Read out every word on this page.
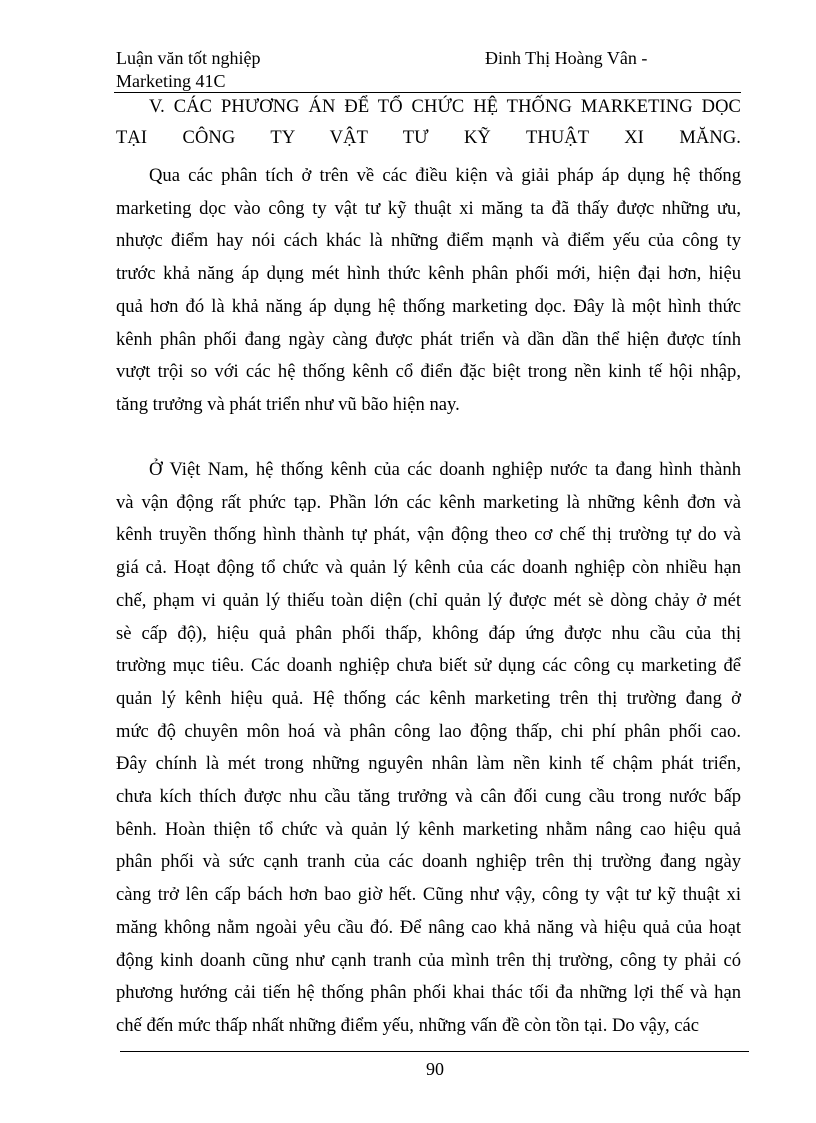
Luận văn tốt nghiệp
Marketing 41C
Đinh Thị Hoàng Vân -
V. CÁC PHƯƠNG ÁN ĐỂ TỔ CHỨC HỆ THỐNG MARKETING DỌC
TẠI CÔNG TY VẬT TƯ KỸ THUẬT XI MĂNG.
Qua các phân tích ở trên về các điều kiện và giải pháp áp dụng hệ thống
marketing dọc vào công ty vật tư kỹ thuật xi măng ta đã thấy được những ưu,
nhược điểm hay nói cách khác là những điểm mạnh và điểm yếu của công ty
trước khả năng áp dụng mét hình thức kênh phân phối mới, hiện đại hơn, hiệu
quả hơn đó là khả năng áp dụng hệ thống marketing dọc. Đây là một hình thức
kênh phân phối đang ngày càng được phát triển và dần dần thể hiện được tính
vượt trội so với các hệ thống kênh cổ điển đặc biệt trong nền kinh tế hội nhập,
tăng trưởng và phát triển như vũ bão hiện nay.
Ở Việt Nam, hệ thống kênh của các doanh nghiệp nước ta đang hình thành
và vận động rất phức tạp. Phần lớn các kênh marketing là những kênh đơn và
kênh truyền thống hình thành tự phát, vận động theo cơ chế thị trường tự do và
giá cả. Hoạt động tổ chức và quản lý kênh của các doanh nghiệp còn nhiều hạn
chế, phạm vi quản lý thiếu toàn diện (chỉ quản lý được mét sè dòng chảy ở mét
sè cấp độ), hiệu quả phân phối thấp, không đáp ứng được nhu cầu của thị
trường mục tiêu. Các doanh nghiệp chưa biết sử dụng các công cụ marketing để
quản lý kênh hiệu quả. Hệ thống các kênh marketing trên thị trường đang ở
mức độ chuyên môn hoá và phân công lao động thấp, chi phí phân phối cao.
Đây chính là mét trong những nguyên nhân làm nền kinh tế chậm phát triển,
chưa kích thích được nhu cầu tăng trưởng và cân đối cung cầu trong nước bấp
bênh. Hoàn thiện tổ chức và quản lý kênh marketing nhằm nâng cao hiệu quả
phân phối và sức cạnh tranh của các doanh nghiệp trên thị trường đang ngày
càng trở lên cấp bách hơn bao giờ hết. Cũng như vậy, công ty vật tư kỹ thuật xi
măng không nằm ngoài yêu cầu đó. Để nâng cao khả năng và hiệu quả của hoạt
động kinh doanh cũng như cạnh tranh của mình trên thị trường, công ty phải có
phương hướng cải tiến hệ thống phân phối khai thác tối đa những lợi thế và hạn
chế đến mức thấp nhất những điểm yếu, những vấn đề còn tồn tại. Do vậy, các
90
